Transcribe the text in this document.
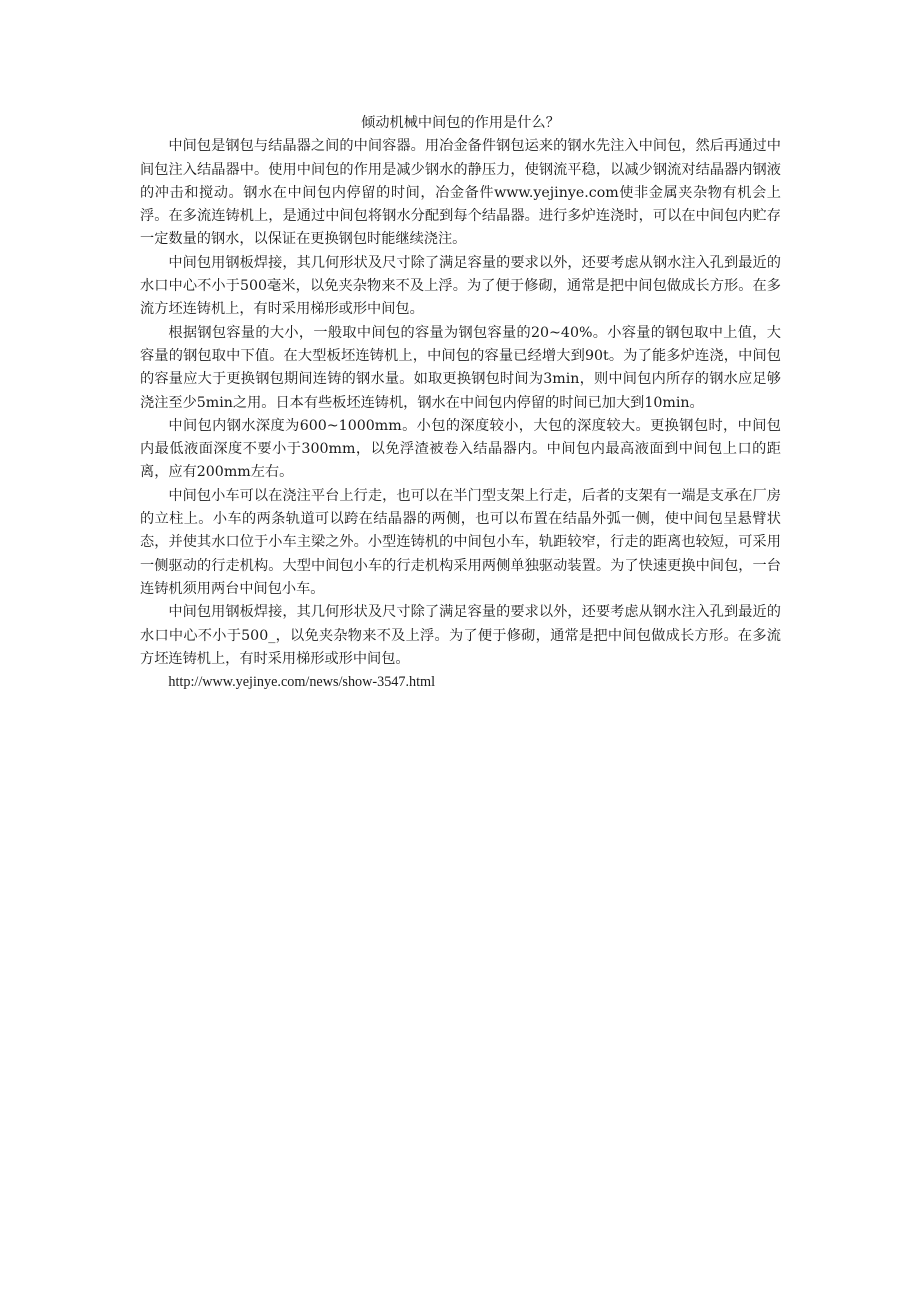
倾动机械中间包的作用是什么？

中间包是钢包与结晶器之间的中间容器。用冶金备件钢包运来的钢水先注入中间包，然后再通过中间包注入结晶器中。使用中间包的作用是减少钢水的静压力，使钢流平稳，以减少钢流对结晶器内钢液的冲击和搅动。钢水在中间包内停留的时间，冶金备件www.yejinye.com使非金属夹杂物有机会上浮。在多流连铸机上，是通过中间包将钢水分配到每个结晶器。进行多炉连浇时，可以在中间包内贮存一定数量的钢水，以保证在更换钢包时能继续浇注。

中间包用钢板焊接，其几何形状及尺寸除了满足容量的要求以外，还要考虑从钢水注入孔到最近的水口中心不小于500毫米，以免夹杂物来不及上浮。为了便于修砌，通常是把中间包做成长方形。在多流方坯连铸机上，有时采用梯形或形中间包。

根据钢包容量的大小，一般取中间包的容量为钢包容量的20~40%。小容量的钢包取中上值，大容量的钢包取中下值。在大型板坯连铸机上，中间包的容量已经增大到90t。为了能多炉连浇，中间包的容量应大于更换钢包期间连铸的钢水量。如取更换钢包时间为3min，则中间包内所存的钢水应足够浇注至少5min之用。日本有些板坯连铸机，钢水在中间包内停留的时间已加大到10min。

中间包内钢水深度为600~1000mm。小包的深度较小，大包的深度较大。更换钢包时，中间包内最低液面深度不要小于300mm，以免浮渣被卷入结晶器内。中间包内最高液面到中间包上口的距离，应有200mm左右。

中间包小车可以在浇注平台上行走，也可以在半门型支架上行走，后者的支架有一端是支承在厂房的立柱上。小车的两条轨道可以跨在结晶器的两侧，也可以布置在结晶外弧一侧，使中间包呈悬臂状态，并使其水口位于小车主梁之外。小型连铸机的中间包小车，轨距较窄，行走的距离也较短，可采用一侧驱动的行走机构。大型中间包小车的行走机构采用两侧单独驱动装置。为了快速更换中间包，一台连铸机须用两台中间包小车。

中间包用钢板焊接，其几何形状及尺寸除了满足容量的要求以外，还要考虑从钢水注入孔到最近的水口中心不小于500_，以免夹杂物来不及上浮。为了便于修砌，通常是把中间包做成长方形。在多流方坯连铸机上，有时采用梯形或形中间包。

http://www.yejinye.com/news/show-3547.html
